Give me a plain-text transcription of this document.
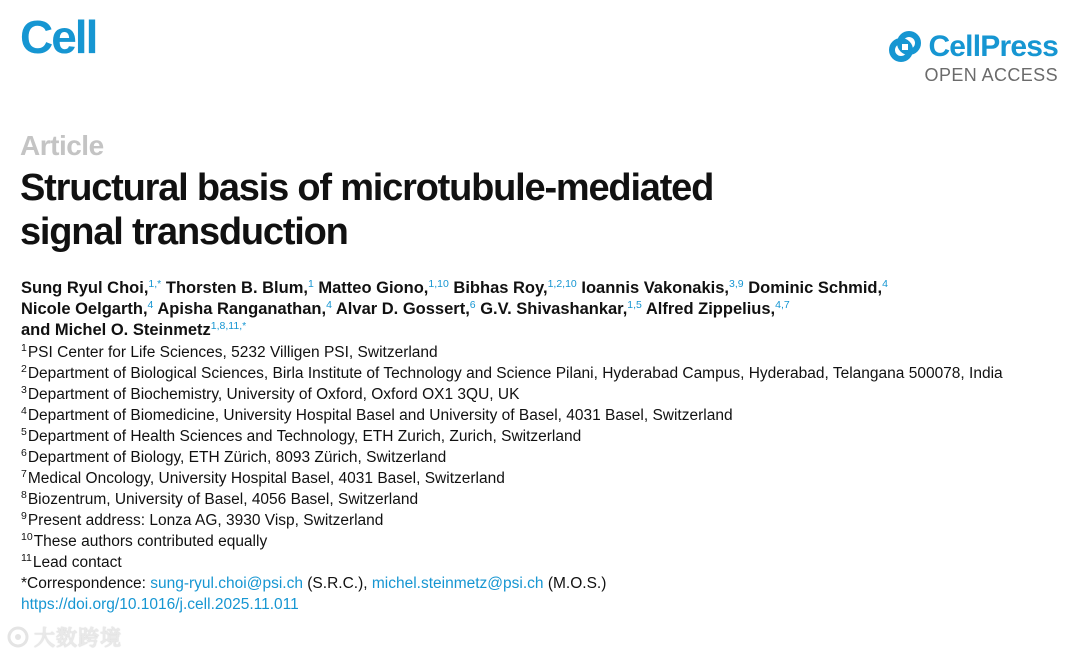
Cell	CellPress
OPEN ACCESS
Article
Structural basis of microtubule-mediated
signal transduction
Sung Ryul Choi,$^{1,*}$ Thorsten B. Blum,$^1$ Matteo Giono,$^{1,10}$ Bibhas Roy,$^{1,2,10}$ Ioannis Vakonakis,$^{3,9}$ Dominic Schmid,$^4$
Nicole Oelgarth,$^4$ Apisha Ranganathan,$^4$ Alvar D. Gossert,$^6$ G.V. Shivashankar,$^{1,5}$ Alfred Zippelius,$^{4,7}$
and Michel O. Steinmetz$^{1,8,11,*}$

$^1$PSI Center for Life Sciences, 5232 Villigen PSI, Switzerland

$^2$Department of Biological Sciences, Birla Institute of Technology and Science Pilani, Hyderabad Campus, Hyderabad, Telangana 500078, India

$^3$Department of Biochemistry, University of Oxford, Oxford OX1 3QU, UK

$^4$Department of Biomedicine, University Hospital Basel and University of Basel, 4031 Basel, Switzerland

$^5$Department of Health Sciences and Technology, ETH Zurich, Zurich, Switzerland

$^6$Department of Biology, ETH Zürich, 8093 Zürich, Switzerland

$^7$Medical Oncology, University Hospital Basel, 4031 Basel, Switzerland

$^8$Biozentrum, University of Basel, 4056 Basel, Switzerland

$^9$Present address: Lonza AG, 3930 Visp, Switzerland

$^{10}$These authors contributed equally

$^{11}$Lead contact

*Correspondence: sung-ryul.choi@psi.ch (S.R.C.), michel.steinmetz@psi.ch (M.O.S.)

https://doi.org/10.1016/j.cell.2025.11.011

大数跨境
